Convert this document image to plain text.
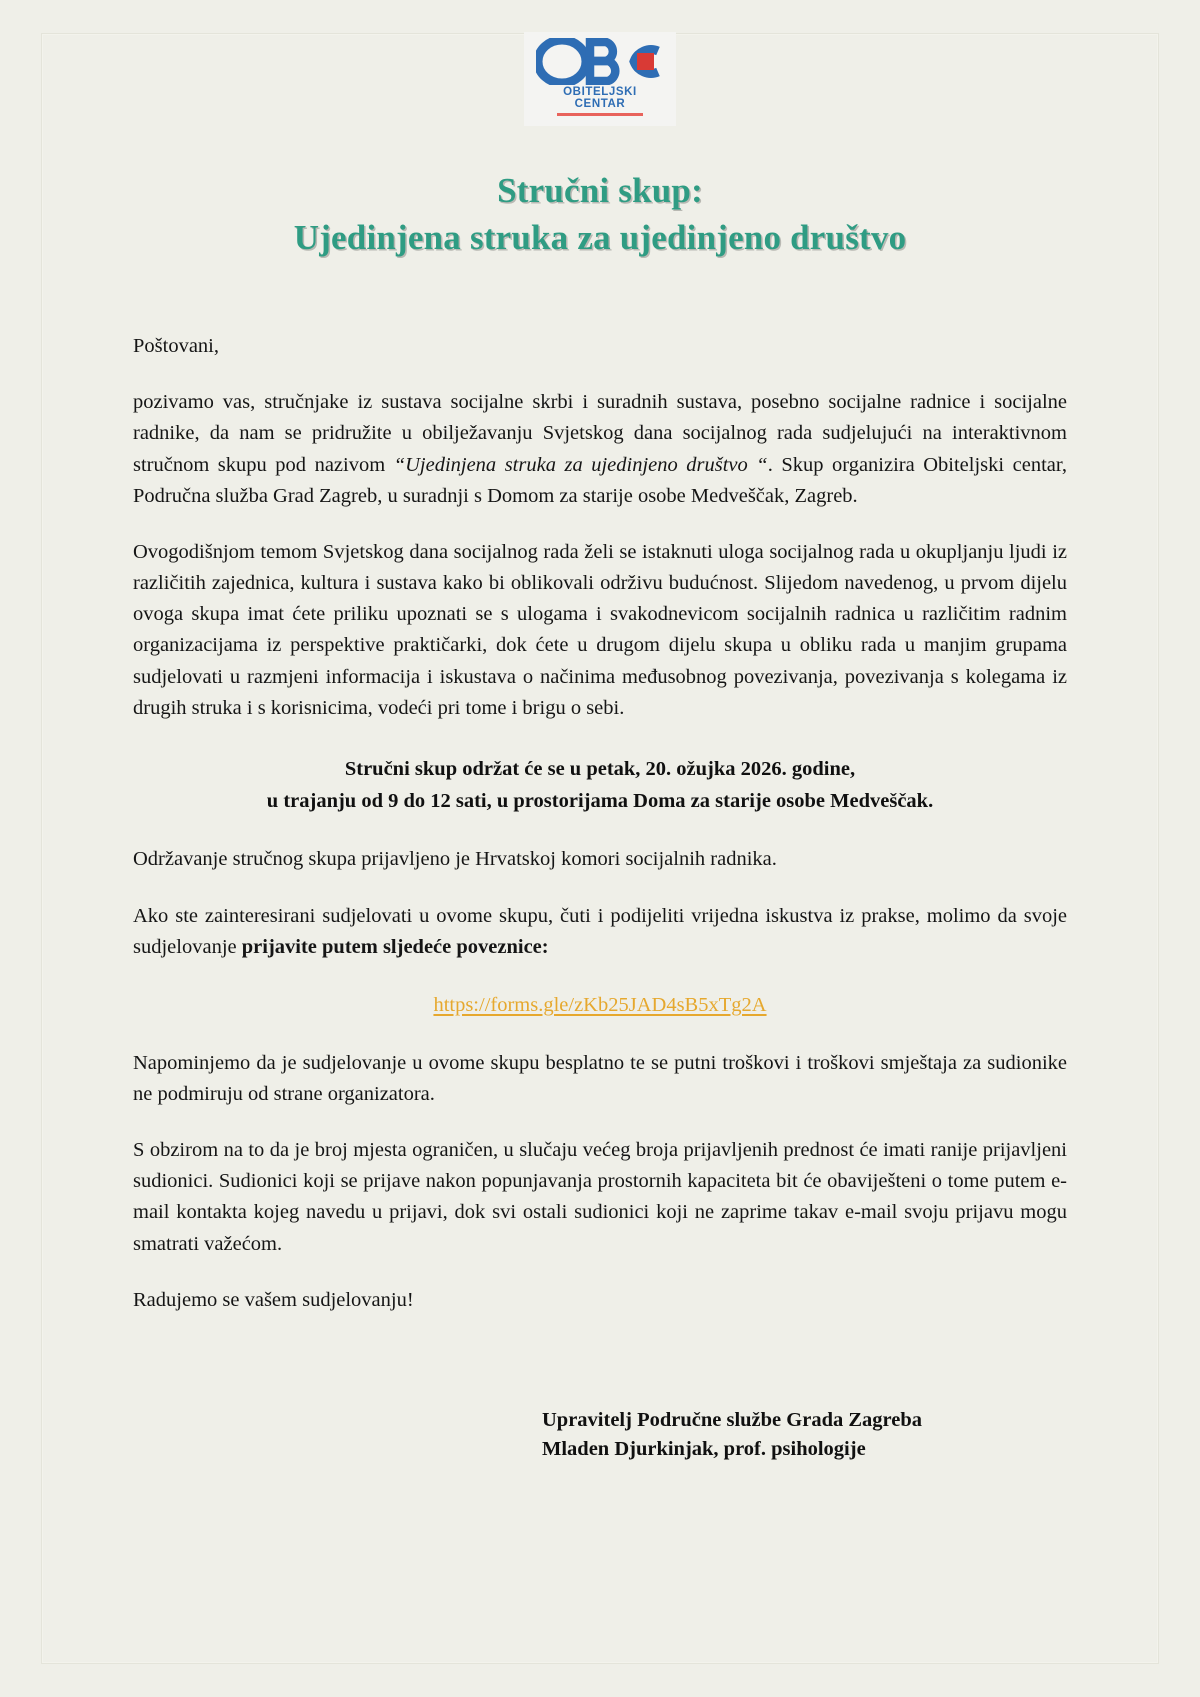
OBITELJSKI CENTAR
Stručni skup:
Ujedinjena struka za ujedinjeno društvo

Poštovani,

pozivamo vas, stručnjake iz sustava socijalne skrbi i suradnih sustava, posebno socijalne radnice i socijalne radnike, da nam se pridružite u obilježavanju Svjetskog dana socijalnog rada sudjelujući na interaktivnom stručnom skupu pod nazivom “Ujedinjena struka za ujedinjeno društvo “. Skup organizira Obiteljski centar, Područna služba Grad Zagreb, u suradnji s Domom za starije osobe Medveščak, Zagreb.

Ovogodišnjom temom Svjetskog dana socijalnog rada želi se istaknuti uloga socijalnog rada u okupljanju ljudi iz različitih zajednica, kultura i sustava kako bi oblikovali održivu budućnost. Slijedom navedenog, u prvom dijelu ovoga skupa imat ćete priliku upoznati se s ulogama i svakodnevicom socijalnih radnica u različitim radnim organizacijama iz perspektive praktičarki, dok ćete u drugom dijelu skupa u obliku rada u manjim grupama sudjelovati u razmjeni informacija i iskustava o načinima međusobnog povezivanja, povezivanja s kolegama iz drugih struka i s korisnicima, vodeći pri tome i brigu o sebi.

Stručni skup održat će se u petak, 20. ožujka 2026. godine,
u trajanju od 9 do 12 sati, u prostorijama Doma za starije osobe Medveščak.

Održavanje stručnog skupa prijavljeno je Hrvatskoj komori socijalnih radnika.

Ako ste zainteresirani sudjelovati u ovome skupu, čuti i podijeliti vrijedna iskustva iz prakse, molimo da svoje sudjelovanje prijavite putem sljedeće poveznice:

https://forms.gle/zKb25JAD4sB5xTg2A

Napominjemo da je sudjelovanje u ovome skupu besplatno te se putni troškovi i troškovi smještaja za sudionike ne podmiruju od strane organizatora.

S obzirom na to da je broj mjesta ograničen, u slučaju većeg broja prijavljenih prednost će imati ranije prijavljeni sudionici. Sudionici koji se prijave nakon popunjavanja prostornih kapaciteta bit će obaviješteni o tome putem e-mail kontakta kojeg navedu u prijavi, dok svi ostali sudionici koji ne zaprime takav e-mail svoju prijavu mogu smatrati važećom.

Radujemo se vašem sudjelovanju!

Upravitelj Područne službe Grada Zagreba
Mladen Djurkinjak, prof. psihologije
